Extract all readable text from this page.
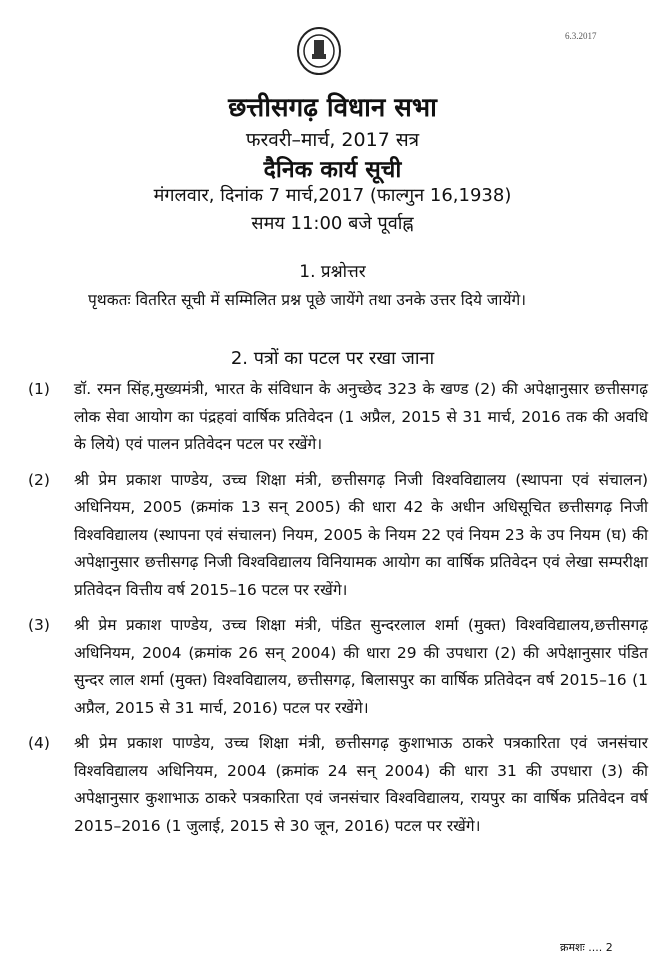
6.3.2017
छत्तीसगढ़ विधान सभा
फरवरी–मार्च, 2017 सत्र
दैनिक कार्य सूची
मंगलवार, दिनांक 7 मार्च,2017 (फाल्गुन 16,1938)
समय 11:00 बजे पूर्वाह्न
1. प्रश्नोत्तर
पृथकतः वितरित सूची में सम्मिलित प्रश्न पूछे जायेंगे तथा उनके उत्तर दिये जायेंगे।
2. पत्रों का पटल पर रखा जाना
(1)	डॉ. रमन सिंह,मुख्यमंत्री, भारत के संविधान के अनुच्छेद 323 के खण्ड (2) की अपेक्षानुसार छत्तीसगढ़ लोक सेवा आयोग का पंद्रहवां वार्षिक प्रतिवेदन (1 अप्रैल, 2015 से 31 मार्च, 2016 तक की अवधि के लिये) एवं पालन प्रतिवेदन पटल पर रखेंगे।
(2)	श्री प्रेम प्रकाश पाण्डेय, उच्च शिक्षा मंत्री, छत्तीसगढ़ निजी विश्वविद्यालय (स्थापना एवं संचालन) अधिनियम, 2005 (क्रमांक 13 सन् 2005) की धारा 42 के अधीन अधिसूचित छत्तीसगढ़ निजी विश्वविद्यालय (स्थापना एवं संचालन) नियम, 2005 के नियम 22 एवं नियम 23 के उप नियम (घ) की अपेक्षानुसार छत्तीसगढ़ निजी विश्वविद्यालय विनियामक आयोग का वार्षिक प्रतिवेदन एवं लेखा सम्परीक्षा प्रतिवेदन वित्तीय वर्ष 2015–16 पटल पर रखेंगे।
(3)	श्री प्रेम प्रकाश पाण्डेय, उच्च शिक्षा मंत्री, पंडित सुन्दरलाल शर्मा (मुक्त) विश्वविद्यालय,छत्तीसगढ़ अधिनियम, 2004 (क्रमांक 26 सन् 2004) की धारा 29 की उपधारा (2) की अपेक्षानुसार पंडित सुन्दर लाल शर्मा (मुक्त) विश्वविद्यालय, छत्तीसगढ़, बिलासपुर का वार्षिक प्रतिवेदन वर्ष 2015–16 (1 अप्रैल, 2015 से 31 मार्च, 2016) पटल पर रखेंगे।
(4)	श्री प्रेम प्रकाश पाण्डेय, उच्च शिक्षा मंत्री, छत्तीसगढ़ कुशाभाऊ ठाकरे पत्रकारिता एवं जनसंचार विश्वविद्यालय अधिनियम, 2004 (क्रमांक 24 सन् 2004) की धारा 31 की उपधारा (3) की अपेक्षानुसार कुशाभाऊ ठाकरे पत्रकारिता एवं जनसंचार विश्वविद्यालय, रायपुर का वार्षिक प्रतिवेदन वर्ष 2015–2016 (1 जुलाई, 2015 से 30 जून, 2016) पटल पर रखेंगे।
क्रमशः .... 2
